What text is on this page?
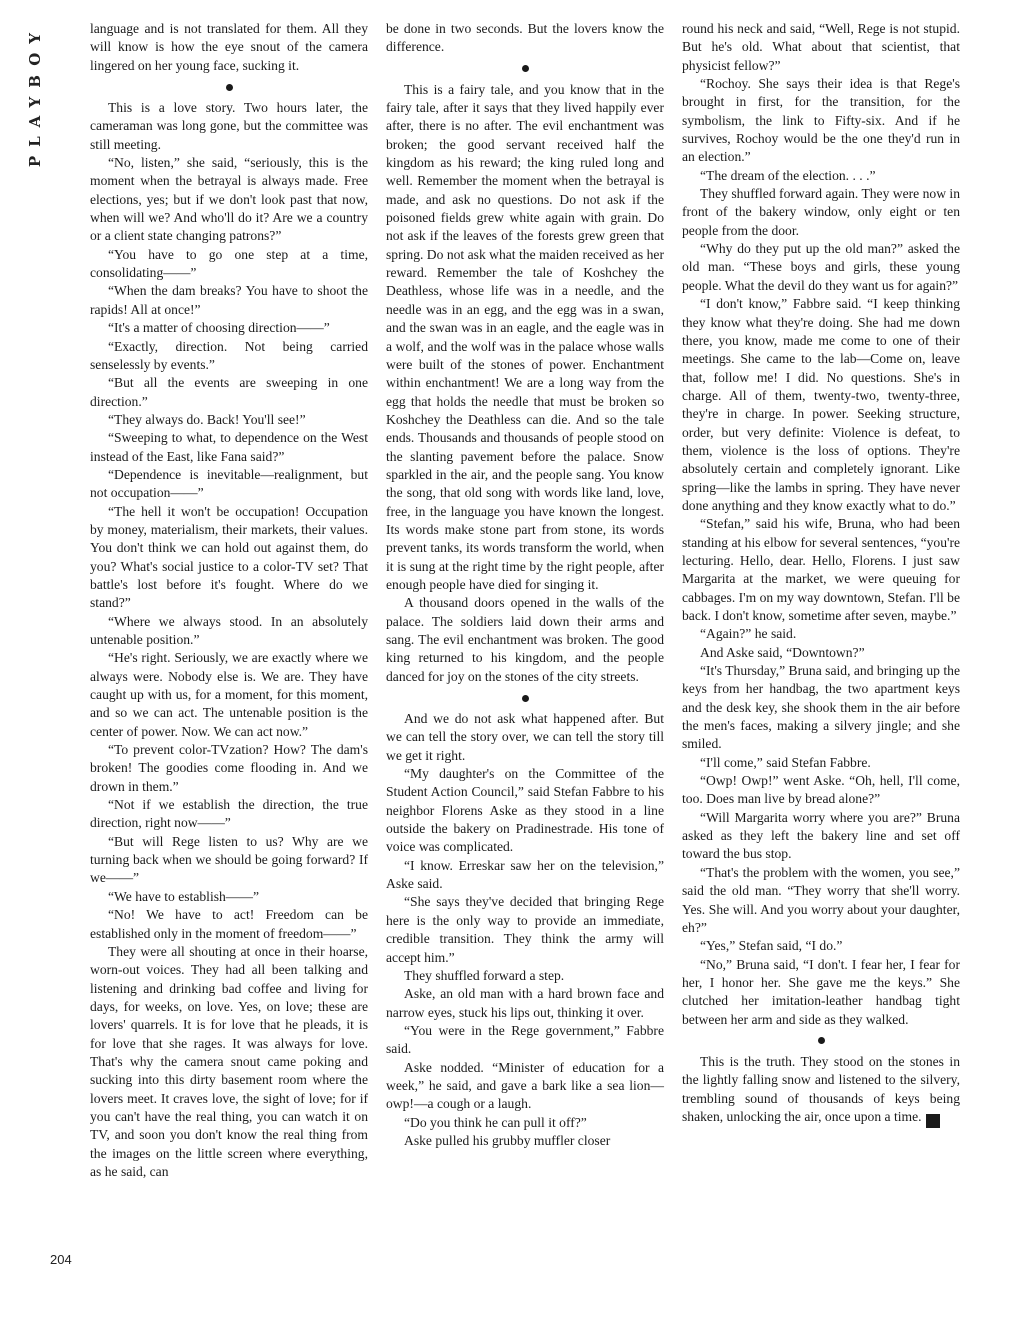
PLAYBOY	language and is not translated for them. All they will know is how the eye snout of the camera lingered on her young face, sucking it.

This is a love story. Two hours later, the cameraman was long gone, but the committee was still meeting.

“No, listen,” she said, “seriously, this is the moment when the betrayal is always made. Free elections, yes; but if we don't look past that now, when will we? And who'll do it? Are we a country or a client state changing patrons?”

“You have to go one step at a time, consolidating——”

“When the dam breaks? You have to shoot the rapids! All at once!”

“It's a matter of choosing direction——”

“Exactly, direction. Not being carried senselessly by events.”

“But all the events are sweeping in one direction.”

“They always do. Back! You'll see!”

“Sweeping to what, to dependence on the West instead of the East, like Fana said?”

“Dependence is inevitable—realignment, but not occupation——”

“The hell it won't be occupation! Occupation by money, materialism, their markets, their values. You don't think we can hold out against them, do you? What's social justice to a color-TV set? That battle's lost before it's fought. Where do we stand?”

“Where we always stood. In an absolutely untenable position.”

“He's right. Seriously, we are exactly where we always were. Nobody else is. We are. They have caught up with us, for a moment, for this moment, and so we can act. The untenable position is the center of power. Now. We can act now.”

“To prevent color-TVzation? How? The dam's broken! The goodies come flooding in. And we drown in them.”

“Not if we establish the direction, the true direction, right now——”

“But will Rege listen to us? Why are we turning back when we should be going forward? If we——”

“We have to establish——”

“No! We have to act! Freedom can be established only in the moment of freedom——”

They were all shouting at once in their hoarse, worn-out voices. They had all been talking and listening and drinking bad coffee and living for days, for weeks, on love. Yes, on love; these are lovers' quarrels. It is for love that he pleads, it is for love that she rages. It was always for love. That's why the camera snout came poking and sucking into this dirty basement room where the lovers meet. It craves love, the sight of love; for if you can't have the real thing, you can watch it on TV, and soon you don't know the real thing from the images on the little screen where everything, as he said, can

be done in two seconds. But the lovers know the difference.

This is a fairy tale, and you know that in the fairy tale, after it says that they lived happily ever after, there is no after. The evil enchantment was broken; the good servant received half the kingdom as his reward; the king ruled long and well. Remember the moment when the betrayal is made, and ask no questions. Do not ask if the poisoned fields grew white again with grain. Do not ask if the leaves of the forests grew green that spring. Do not ask what the maiden received as her reward. Remember the tale of Koshchey the Deathless, whose life was in a needle, and the needle was in an egg, and the egg was in a swan, and the swan was in an eagle, and the eagle was in a wolf, and the wolf was in the palace whose walls were built of the stones of power. Enchantment within enchantment! We are a long way from the egg that holds the needle that must be broken so Koshchey the Deathless can die. And so the tale ends. Thousands and thousands of people stood on the slanting pavement before the palace. Snow sparkled in the air, and the people sang. You know the song, that old song with words like land, love, free, in the language you have known the longest. Its words make stone part from stone, its words prevent tanks, its words transform the world, when it is sung at the right time by the right people, after enough people have died for singing it.

A thousand doors opened in the walls of the palace. The soldiers laid down their arms and sang. The evil enchantment was broken. The good king returned to his kingdom, and the people danced for joy on the stones of the city streets.

And we do not ask what happened after. But we can tell the story over, we can tell the story till we get it right.

“My daughter's on the Committee of the Student Action Council,” said Stefan Fabbre to his neighbor Florens Aske as they stood in a line outside the bakery on Pradinestrade. His tone of voice was complicated.

“I know. Erreskar saw her on the television,” Aske said.

“She says they've decided that bringing Rege here is the only way to provide an immediate, credible transition. They think the army will accept him.”

They shuffled forward a step.

Aske, an old man with a hard brown face and narrow eyes, stuck his lips out, thinking it over.

“You were in the Rege government,” Fabbre said.

Aske nodded. “Minister of education for a week,” he said, and gave a bark like a sea lion—owp!—a cough or a laugh.

“Do you think he can pull it off?”

Aske pulled his grubby muffler closer

round his neck and said, “Well, Rege is not stupid. But he's old. What about that scientist, that physicist fellow?”

“Rochoy. She says their idea is that Rege's brought in first, for the transition, for the symbolism, the link to Fifty-six. And if he survives, Rochoy would be the one they'd run in an election.”

“The dream of the election. . . .”

They shuffled forward again. They were now in front of the bakery window, only eight or ten people from the door.

“Why do they put up the old man?” asked the old man. “These boys and girls, these young people. What the devil do they want us for again?”

“I don't know,” Fabbre said. “I keep thinking they know what they're doing. She had me down there, you know, made me come to one of their meetings. She came to the lab—Come on, leave that, follow me! I did. No questions. She's in charge. All of them, twenty-two, twenty-three, they're in charge. In power. Seeking structure, order, but very definite: Violence is defeat, to them, violence is the loss of options. They're absolutely certain and completely ignorant. Like spring—like the lambs in spring. They have never done anything and they know exactly what to do.”

“Stefan,” said his wife, Bruna, who had been standing at his elbow for several sentences, “you're lecturing. Hello, dear. Hello, Florens. I just saw Margarita at the market, we were queuing for cabbages. I'm on my way downtown, Stefan. I'll be back. I don't know, sometime after seven, maybe.”

“Again?” he said.

And Aske said, “Downtown?”

“It's Thursday,” Bruna said, and bringing up the keys from her handbag, the two apartment keys and the desk key, she shook them in the air before the men's faces, making a silvery jingle; and she smiled.

“I'll come,” said Stefan Fabbre.

“Owp! Owp!” went Aske. “Oh, hell, I'll come, too. Does man live by bread alone?”

“Will Margarita worry where you are?” Bruna asked as they left the bakery line and set off toward the bus stop.

“That's the problem with the women, you see,” said the old man. “They worry that she'll worry. Yes. She will. And you worry about your daughter, eh?”

“Yes,” Stefan said, “I do.”

“No,” Bruna said, “I don't. I fear her, I fear for her, I honor her. She gave me the keys.” She clutched her imitation-leather handbag tight between her arm and side as they walked.

This is the truth. They stood on the stones in the lightly falling snow and listened to the silvery, trembling sound of thousands of keys being shaken, unlocking the air, once upon a time. ❦

204
